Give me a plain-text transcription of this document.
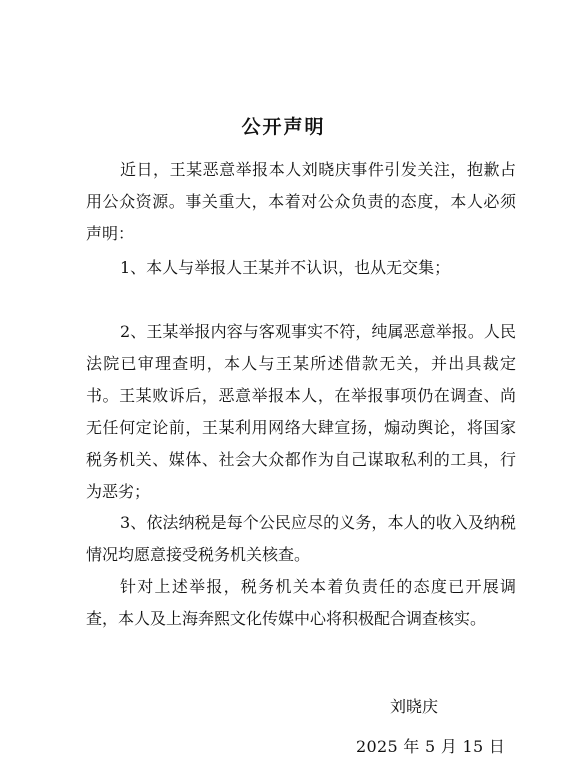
公开声明

近日，王某恶意举报本人刘晓庆事件引发关注，抱歉占用公众资源。事关重大，本着对公众负责的态度，本人必须声明：

1、本人与举报人王某并不认识，也从无交集；

2、王某举报内容与客观事实不符，纯属恶意举报。人民法院已审理查明，本人与王某所述借款无关，并出具裁定书。王某败诉后，恶意举报本人，在举报事项仍在调查、尚无任何定论前，王某利用网络大肆宣扬，煽动舆论，将国家税务机关、媒体、社会大众都作为自己谋取私利的工具，行为恶劣；

3、依法纳税是每个公民应尽的义务，本人的收入及纳税情况均愿意接受税务机关核查。

针对上述举报，税务机关本着负责任的态度已开展调查，本人及上海奔熙文化传媒中心将积极配合调查核实。

刘晓庆
2025 年 5 月 15 日
